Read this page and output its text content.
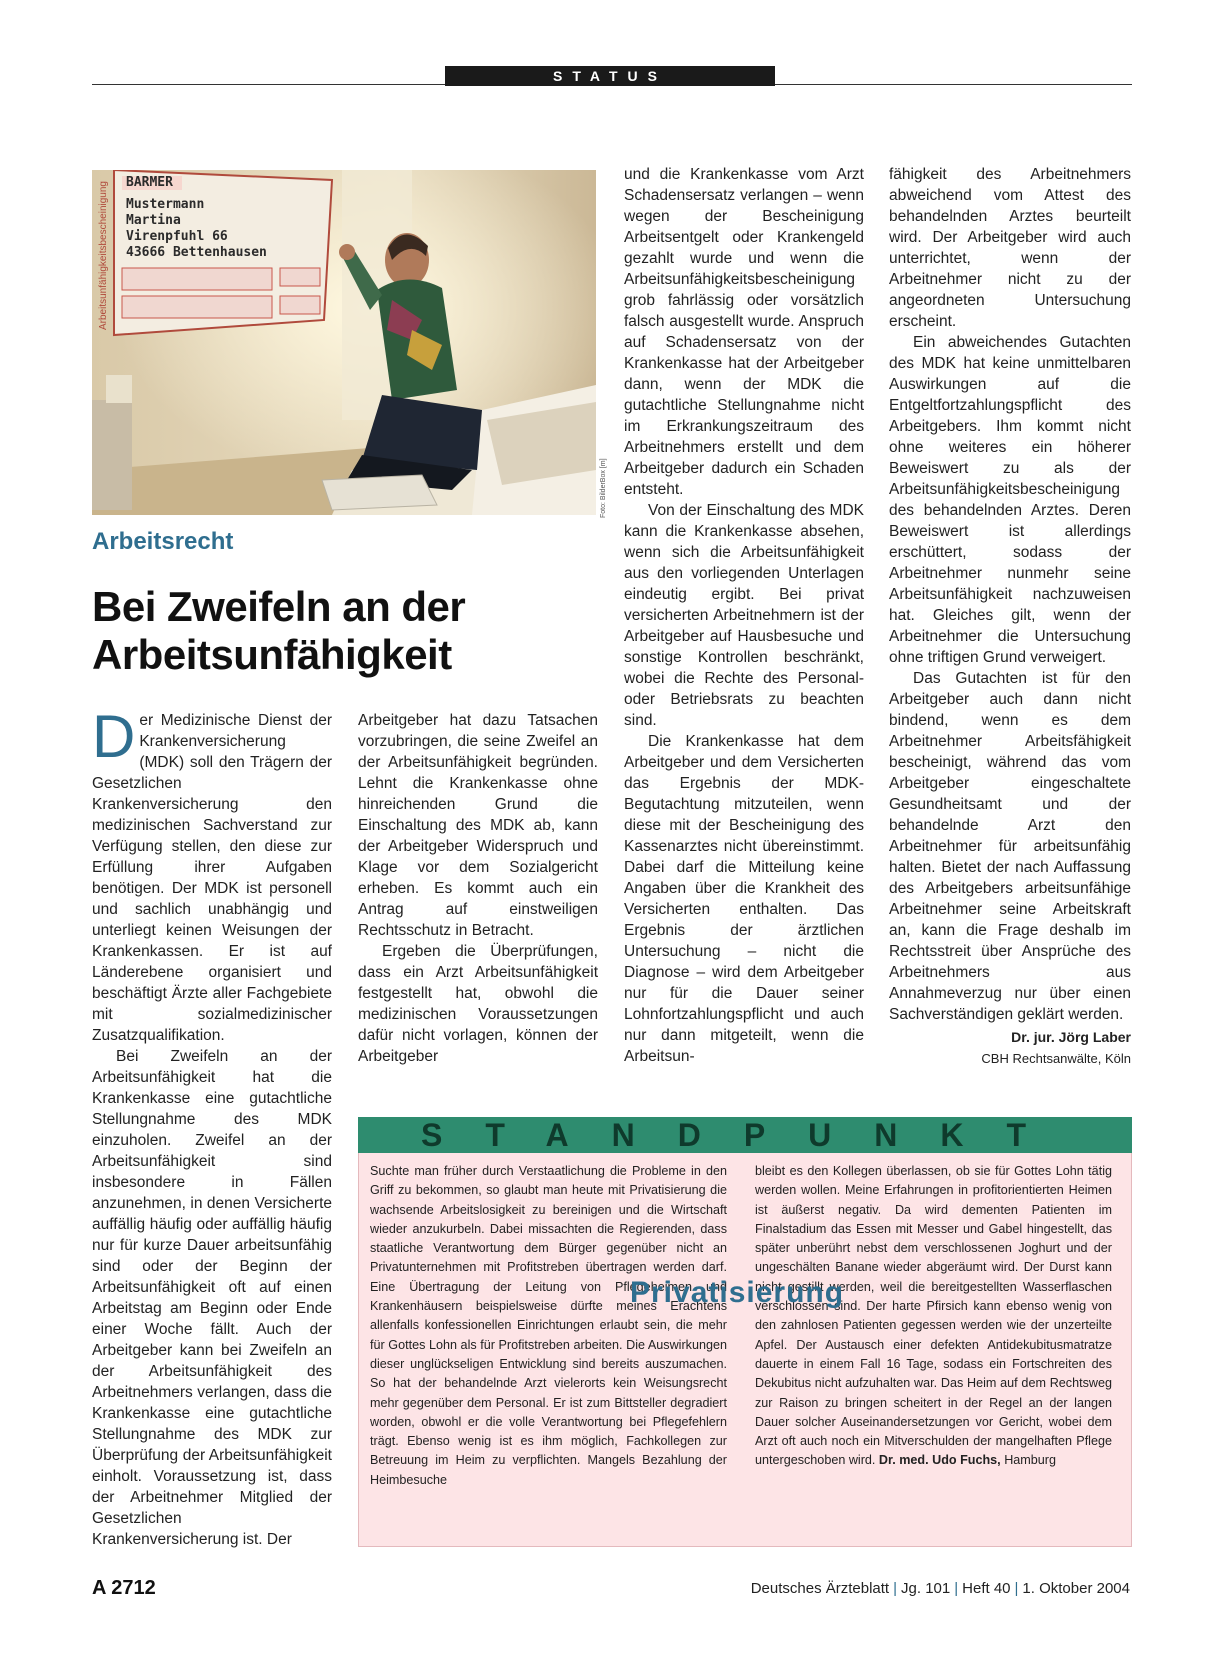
STATUS
BARMER
Mustermann
Martina
Virenpfuhl 66
43666 Bettenhausen
Arbeitsunfähigkeitsbescheinigung
Foto: BilderBox [m]
Arbeitsrecht
Bei Zweifeln an der Arbeitsunfähigkeit

Der Medizinische Dienst der Krankenversicherung (MDK) soll den Trägern der Gesetzlichen Krankenversicherung den medizinischen Sachverstand zur Verfügung stellen, den diese zur Erfüllung ihrer Aufgaben benötigen. Der MDK ist personell und sachlich unabhängig und unterliegt keinen Weisungen der Krankenkassen. Er ist auf Länderebene organisiert und beschäftigt Ärzte aller Fachgebiete mit sozialmedizinischer Zusatzqualifikation.

Bei Zweifeln an der Arbeitsunfähigkeit hat die Krankenkasse eine gutachtliche Stellungnahme des MDK einzuholen. Zweifel an der Arbeitsunfähigkeit sind insbesondere in Fällen anzunehmen, in denen Versicherte auffällig häufig oder auffällig häufig nur für kurze Dauer arbeitsunfähig sind oder der Beginn der Arbeitsunfähigkeit oft auf einen Arbeitstag am Beginn oder Ende einer Woche fällt. Auch der Arbeitgeber kann bei Zweifeln an der Arbeitsunfähigkeit des Arbeitnehmers verlangen, dass die Krankenkasse eine gutachtliche Stellungnahme des MDK zur Überprüfung der Arbeitsunfähigkeit einholt. Voraussetzung ist, dass der Arbeitnehmer Mitglied der Gesetzlichen Krankenversicherung ist. Der

Arbeitgeber hat dazu Tatsachen vorzubringen, die seine Zweifel an der Arbeitsunfähigkeit begründen. Lehnt die Krankenkasse ohne hinreichenden Grund die Einschaltung des MDK ab, kann der Arbeitgeber Widerspruch und Klage vor dem Sozialgericht erheben. Es kommt auch ein Antrag auf einstweiligen Rechtsschutz in Betracht.

Ergeben die Überprüfungen, dass ein Arzt Arbeitsunfähigkeit festgestellt hat, obwohl die medizinischen Voraussetzungen dafür nicht vorlagen, können der Arbeitgeber

und die Krankenkasse vom Arzt Schadensersatz verlangen – wenn wegen der Bescheinigung Arbeitsentgelt oder Krankengeld gezahlt wurde und wenn die Arbeitsunfähigkeitsbescheinigung grob fahrlässig oder vorsätzlich falsch ausgestellt wurde. Anspruch auf Schadensersatz von der Krankenkasse hat der Arbeitgeber dann, wenn der MDK die gutachtliche Stellungnahme nicht im Erkrankungszeitraum des Arbeitnehmers erstellt und dem Arbeitgeber dadurch ein Schaden entsteht.

Von der Einschaltung des MDK kann die Krankenkasse absehen, wenn sich die Arbeitsunfähigkeit aus den vorliegenden Unterlagen eindeutig ergibt. Bei privat versicherten Arbeitnehmern ist der Arbeitgeber auf Hausbesuche und sonstige Kontrollen beschränkt, wobei die Rechte des Personal- oder Betriebsrats zu beachten sind.

Die Krankenkasse hat dem Arbeitgeber und dem Versicherten das Ergebnis der MDK-Begutachtung mitzuteilen, wenn diese mit der Bescheinigung des Kassenarztes nicht übereinstimmt. Dabei darf die Mitteilung keine Angaben über die Krankheit des Versicherten enthalten. Das Ergebnis der ärztlichen Untersuchung – nicht die Diagnose – wird dem Arbeitgeber nur für die Dauer seiner Lohnfortzahlungspflicht und auch nur dann mitgeteilt, wenn die Arbeitsun-

fähigkeit des Arbeitnehmers abweichend vom Attest des behandelnden Arztes beurteilt wird. Der Arbeitgeber wird auch unterrichtet, wenn der Arbeitnehmer nicht zu der angeordneten Untersuchung erscheint.

Ein abweichendes Gutachten des MDK hat keine unmittelbaren Auswirkungen auf die Entgeltfortzahlungspflicht des Arbeitgebers. Ihm kommt nicht ohne weiteres ein höherer Beweiswert zu als der Arbeitsunfähigkeitsbescheinigung des behandelnden Arztes. Deren Beweiswert ist allerdings erschüttert, sodass der Arbeitnehmer nunmehr seine Arbeitsunfähigkeit nachzuweisen hat. Gleiches gilt, wenn der Arbeitnehmer die Untersuchung ohne triftigen Grund verweigert.

Das Gutachten ist für den Arbeitgeber auch dann nicht bindend, wenn es dem Arbeitnehmer Arbeitsfähigkeit bescheinigt, während das vom Arbeitgeber eingeschaltete Gesundheitsamt und der behandelnde Arzt den Arbeitnehmer für arbeitsunfähig halten. Bietet der nach Auffassung des Arbeitgebers arbeitsunfähige Arbeitnehmer seine Arbeitskraft an, kann die Frage deshalb im Rechtsstreit über Ansprüche des Arbeitnehmers aus Annahmeverzug nur über einen Sachverständigen geklärt werden.

Dr. jur. Jörg Laber
CBH Rechtsanwälte, Köln
STANDPUNKT
Suchte man früher durch Verstaatlichung die Probleme in den Griff zu bekommen, so glaubt man heute mit Privatisierung die wachsende Arbeitslosigkeit zu bereinigen und die Wirtschaft wieder anzukurbeln. Dabei missachten die Regierenden, dass staatliche Verantwortung dem Bürger gegenüber nicht an Privatunternehmen mit Profitstreben übertragen werden darf. Eine Übertragung der Leitung von Pflegeheimen und Krankenhäusern beispielsweise dürfte meines Erachtens allenfalls konfessionellen Einrichtungen erlaubt sein, die mehr für Gottes Lohn als für Profitstreben arbeiten. Die Auswirkungen dieser unglückseligen Entwicklung sind bereits auszumachen. So hat der behandelnde Arzt vielerorts kein Weisungsrecht mehr gegenüber dem Personal. Er ist zum Bittsteller degradiert worden, obwohl er die volle Verantwortung bei Pflegefehlern trägt. Ebenso wenig ist es ihm möglich, Fachkollegen zur Betreuung im Heim zu verpflichten. Mangels Bezahlung der Heimbesuche
bleibt es den Kollegen überlassen, ob sie für Gottes Lohn tätig werden wollen. Meine Erfahrungen in profitorientierten Heimen ist äußerst negativ. Da wird dementen Patienten im Finalstadium das Essen mit Messer und Gabel hingestellt, das später unberührt nebst dem verschlossenen Joghurt und der ungeschälten Banane wieder abgeräumt wird. Der Durst kann nicht gestillt werden, weil die bereitgestellten Wasserflaschen verschlossen sind. Der harte Pfirsich kann ebenso wenig von den zahnlosen Patienten gegessen werden wie der unzerteilte Apfel. Der Austausch einer defekten Antidekubitusmatratze dauerte in einem Fall 16 Tage, sodass ein Fortschreiten des Dekubitus nicht aufzuhalten war. Das Heim auf dem Rechtsweg zur Raison zu bringen scheitert in der Regel an der langen Dauer solcher Auseinandersetzungen vor Gericht, wobei dem Arzt oft auch noch ein Mitverschulden der mangelhaften Pflege untergeschoben wird. Dr. med. Udo Fuchs, Hamburg
Privatisierung
A 2712	Deutsches Ärzteblatt | Jg. 101 | Heft 40 | 1. Oktober 2004
